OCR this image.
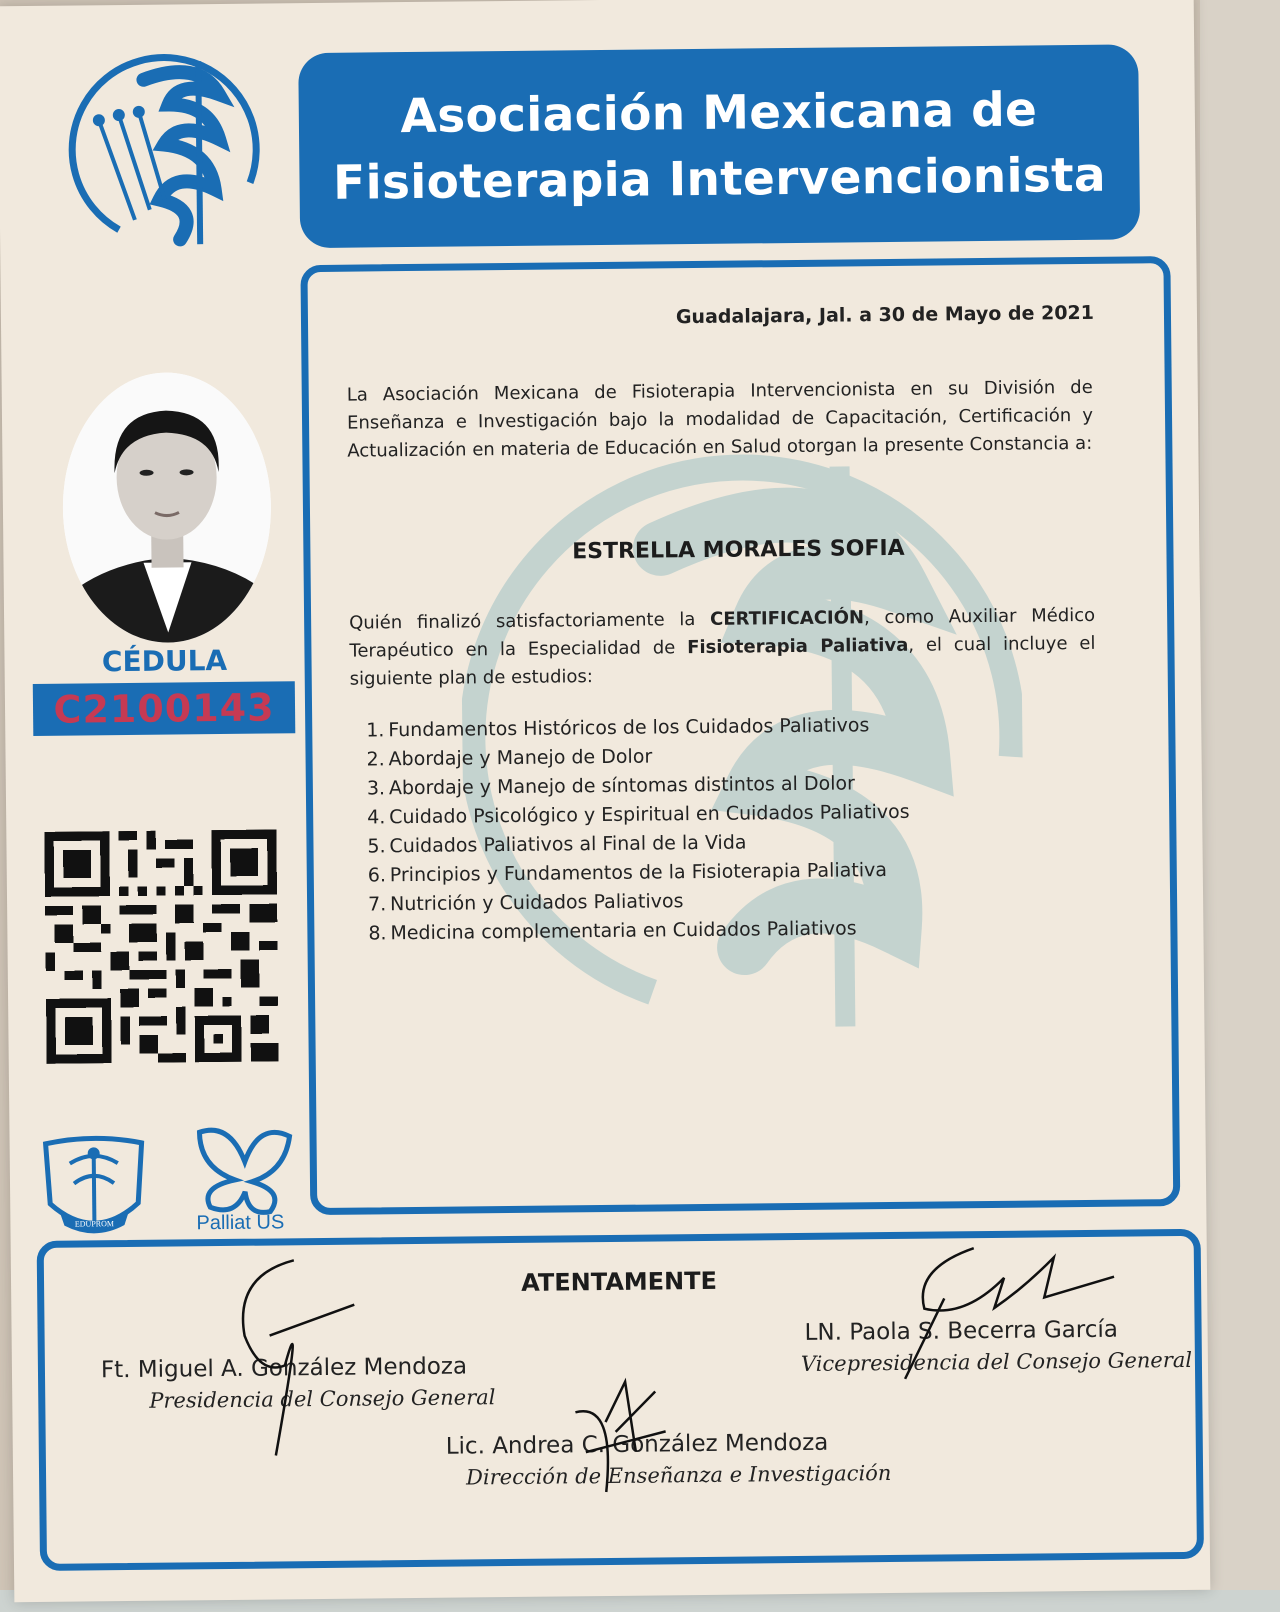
Asociación Mexicana de

Fisioterapia Intervencionista

Guadalajara, Jal. a 30 de Mayo de 2021
La Asociación Mexicana de Fisioterapia Intervencionista en su División de Enseñanza e Investigación bajo la modalidad de Capacitación, Certificación y Actualización en materia de Educación en Salud otorgan la presente Constancia a:
ESTRELLA MORALES SOFIA
Quién finalizó satisfactoriamente la CERTIFICACIÓN, como Auxiliar Médico Terapéutico en la Especialidad de Fisioterapia Paliativa, el cual incluye el siguiente plan de estudios:
1. Fundamentos Históricos de los Cuidados Paliativos
2. Abordaje y Manejo de Dolor
3. Abordaje y Manejo de síntomas distintos al Dolor
4. Cuidado Psicológico y Espiritual en Cuidados Paliativos
5. Cuidados Paliativos al Final de la Vida
6. Principios y Fundamentos de la Fisioterapia Paliativa
7. Nutrición y Cuidados Paliativos
8. Medicina complementaria en Cuidados Paliativos
CÉDULA
C2100143
EDUPROM	Palliat US
ATENTAMENTE
Ft. Miguel A. González Mendoza
Presidencia del Consejo General
LN. Paola S. Becerra García
Vicepresidencia del Consejo General
Lic. Andrea C. González Mendoza
Dirección de Enseñanza e Investigación
